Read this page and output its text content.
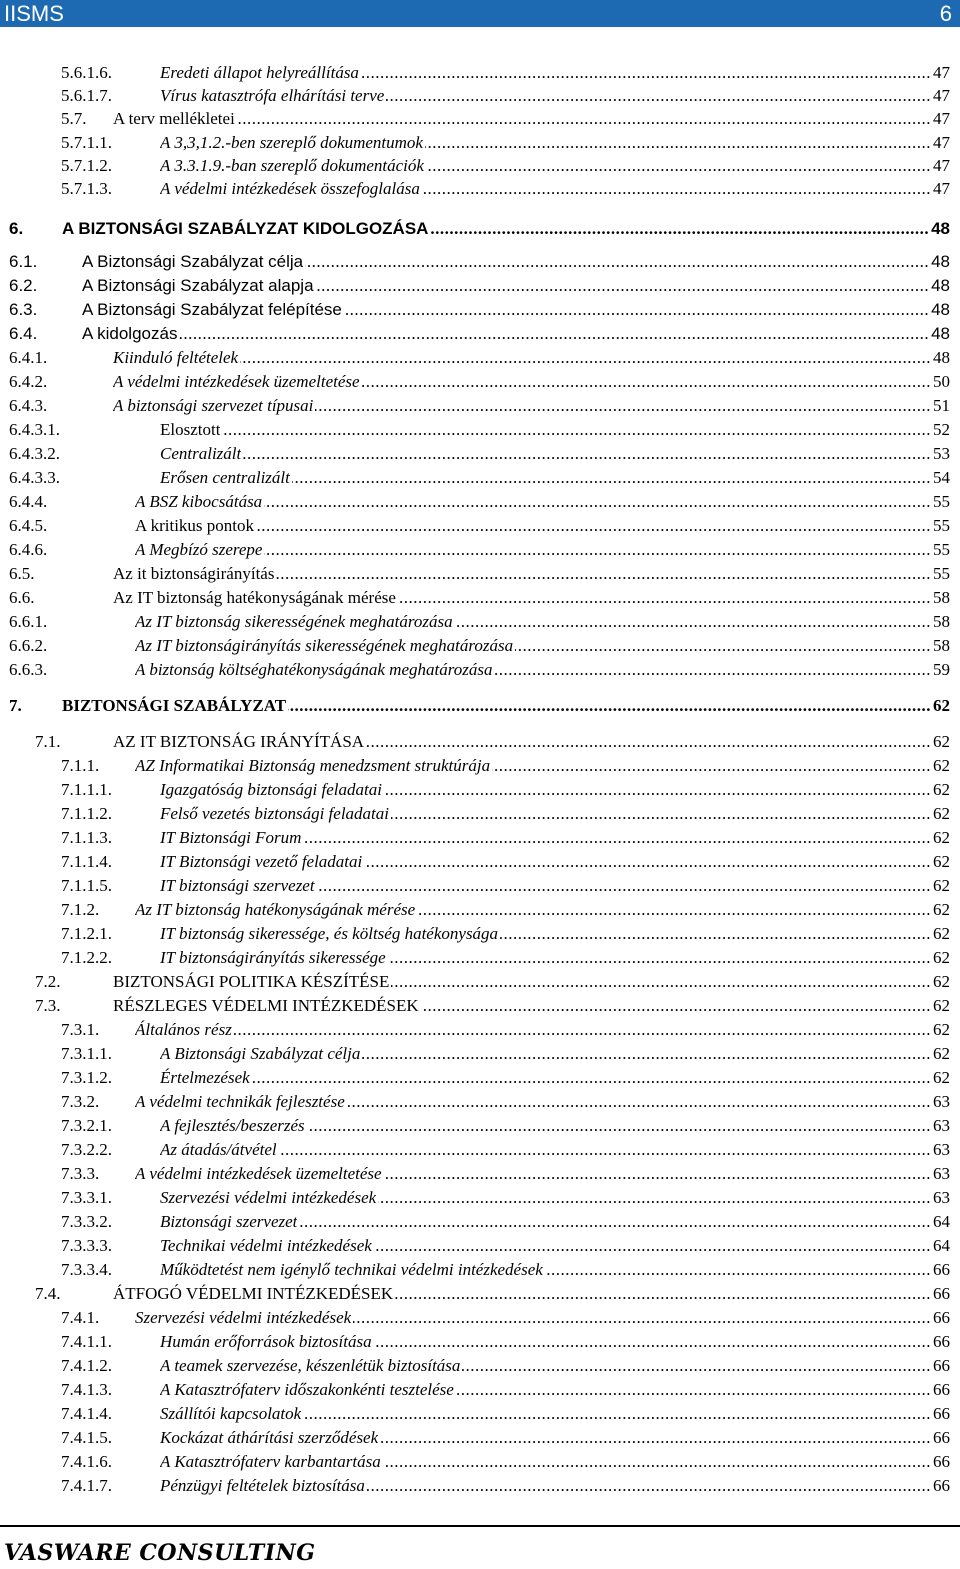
IISMS	6
5.6.1.6.	Eredeti állapot helyreállítása .....	47
5.6.1.7.	Vírus katasztrófa elhárítási terve .....	47
5.7.	A terv mellékletei .....	47
5.7.1.1.	A 3,3,1.2.-ben szereplő dokumentumok .....	47
5.7.1.2.	A 3.3.1.9.-ban szereplő dokumentációk .....	47
5.7.1.3.	A védelmi intézkedések összefoglalása .....	47
6.	A BIZTONSÁGI SZABÁLYZAT KIDOLGOZÁSA .....	48
6.1.	A Biztonsági Szabályzat célja .....	48
6.2.	A Biztonsági Szabályzat alapja .....	48
6.3.	A Biztonsági Szabályzat felépítése .....	48
6.4.	A kidolgozás .....	48
6.4.1.	Kiinduló feltételek .....	48
6.4.2.	A védelmi intézkedések üzemeltetése .....	50
6.4.3.	A biztonsági szervezet típusai .....	51
6.4.3.1.	Elosztott .....	52
6.4.3.2.	Centralizált .....	53
6.4.3.3.	Erősen centralizált .....	54
6.4.4.	A BSZ kibocsátása .....	55
6.4.5.	A kritikus pontok .....	55
6.4.6.	A Megbízó szerepe .....	55
6.5.	Az it biztonságirányítás .....	55
6.6.	Az IT biztonság hatékonyságának mérése .....	58
6.6.1.	Az IT biztonság sikerességének meghatározása .....	58
6.6.2.	Az IT biztonságirányítás sikerességének meghatározása .....	58
6.6.3.	A biztonság költséghatékonyságának meghatározása .....	59
7.	BIZTONSÁGI SZABÁLYZAT .....	62
7.1.	AZ IT BIZTONSÁG IRÁNYÍTÁSA .....	62
7.1.1.	AZ Informatikai Biztonság menedzsment struktúrája .....	62
7.1.1.1.	Igazgatóság biztonsági feladatai .....	62
7.1.1.2.	Felső vezetés biztonsági feladatai .....	62
7.1.1.3.	IT Biztonsági Forum .....	62
7.1.1.4.	IT Biztonsági vezető feladatai .....	62
7.1.1.5.	IT biztonsági szervezet .....	62
7.1.2.	Az IT biztonság hatékonyságának mérése .....	62
7.1.2.1.	IT biztonság sikeressége, és költség hatékonysága .....	62
7.1.2.2.	IT biztonságirányítás sikeressége .....	62
7.2.	BIZTONSÁGI POLITIKA KÉSZÍTÉSE .....	62
7.3.	RÉSZLEGES VÉDELMI INTÉZKEDÉSEK .....	62
7.3.1.	Általános rész .....	62
7.3.1.1.	A Biztonsági Szabályzat célja .....	62
7.3.1.2.	Értelmezések .....	62
7.3.2.	A védelmi technikák fejlesztése .....	63
7.3.2.1.	A fejlesztés/beszerzés .....	63
7.3.2.2.	Az átadás/átvétel .....	63
7.3.3.	A védelmi intézkedések üzemeltetése .....	63
7.3.3.1.	Szervezési védelmi intézkedések .....	63
7.3.3.2.	Biztonsági szervezet .....	64
7.3.3.3.	Technikai védelmi intézkedések .....	64
7.3.3.4.	Működtetést nem igénylő technikai védelmi intézkedések .....	66
7.4.	ÁTFOGÓ VÉDELMI INTÉZKEDÉSEK .....	66
7.4.1.	Szervezési védelmi intézkedések .....	66
7.4.1.1.	Humán erőforrások biztosítása .....	66
7.4.1.2.	A teamek szervezése, készenlétük biztosítása .....	66
7.4.1.3.	A Katasztrófaterv időszakonkénti tesztelése .....	66
7.4.1.4.	Szállítói kapcsolatok .....	66
7.4.1.5.	Kockázat áthárítási szerződések .....	66
7.4.1.6.	A Katasztrófaterv karbantartása .....	66
7.4.1.7.	Pénzügyi feltételek biztosítása .....	66
VASWARE CONSULTING
